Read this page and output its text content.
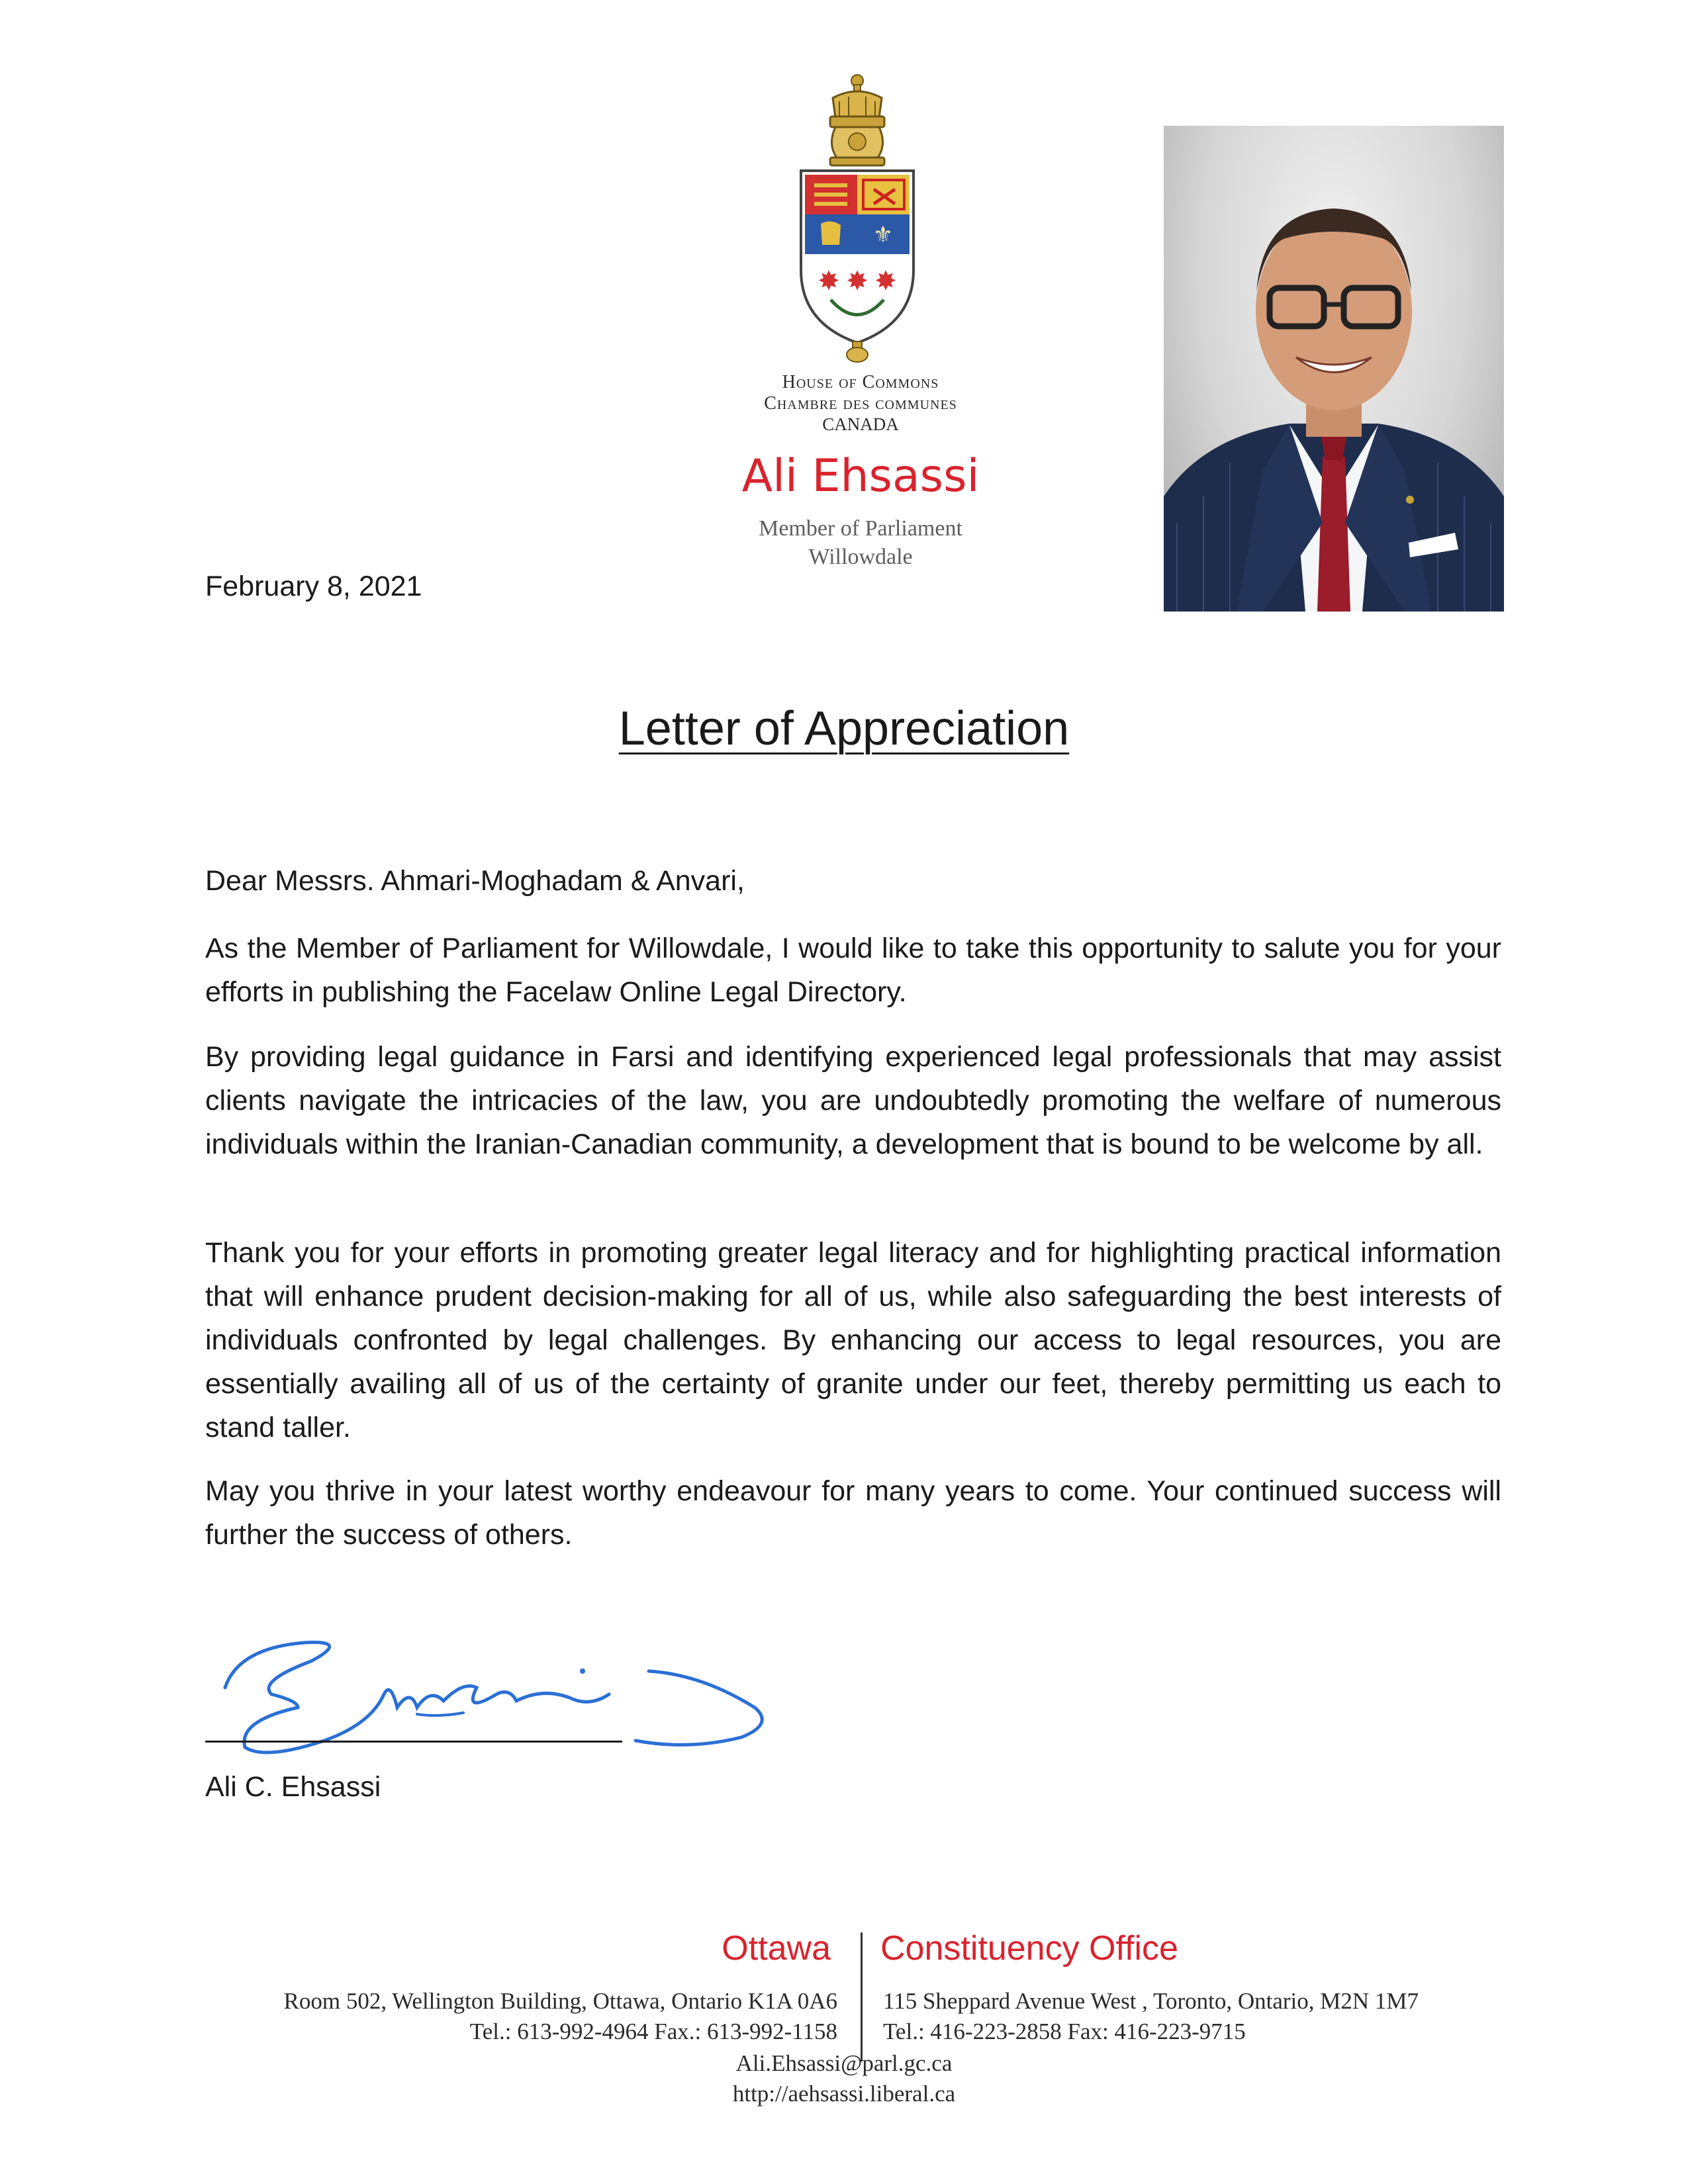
⚜
✸ ✸ ✸
House of Commons
Chambre des communes
CANADA
Ali Ehsassi
Member of Parliament
Willowdale
February 8, 2021
Letter of Appreciation
Dear Messrs. Ahmari-Moghadam & Anvari,
As the Member of Parliament for Willowdale, I would like to take this opportunity to salute you for your efforts in publishing the Facelaw Online Legal Directory.
By providing legal guidance in Farsi and identifying experienced legal professionals that may assist clients navigate the intricacies of the law, you are undoubtedly promoting the welfare of numerous individuals within the Iranian-Canadian community, a development that is bound to be welcome by all.
Thank you for your efforts in promoting greater legal literacy and for highlighting practical information that will enhance prudent decision-making for all of us, while also safeguarding the best interests of individuals confronted by legal challenges. By enhancing our access to legal resources, you are essentially availing all of us of the certainty of granite under our feet, thereby permitting us each to stand taller.
May you thrive in your latest worthy endeavour for many years to come. Your continued success will further the success of others.
Ali C. Ehsassi
Ottawa Constituency Office
Room 502, Wellington Building, Ottawa, Ontario K1A 0A6
Tel.: 613-992-4964 Fax.: 613-992-1158
115 Sheppard Avenue West , Toronto, Ontario, M2N 1M7
Tel.: 416-223-2858 Fax: 416-223-9715
Ali.Ehsassi@parl.gc.ca
http://aehsassi.liberal.ca
